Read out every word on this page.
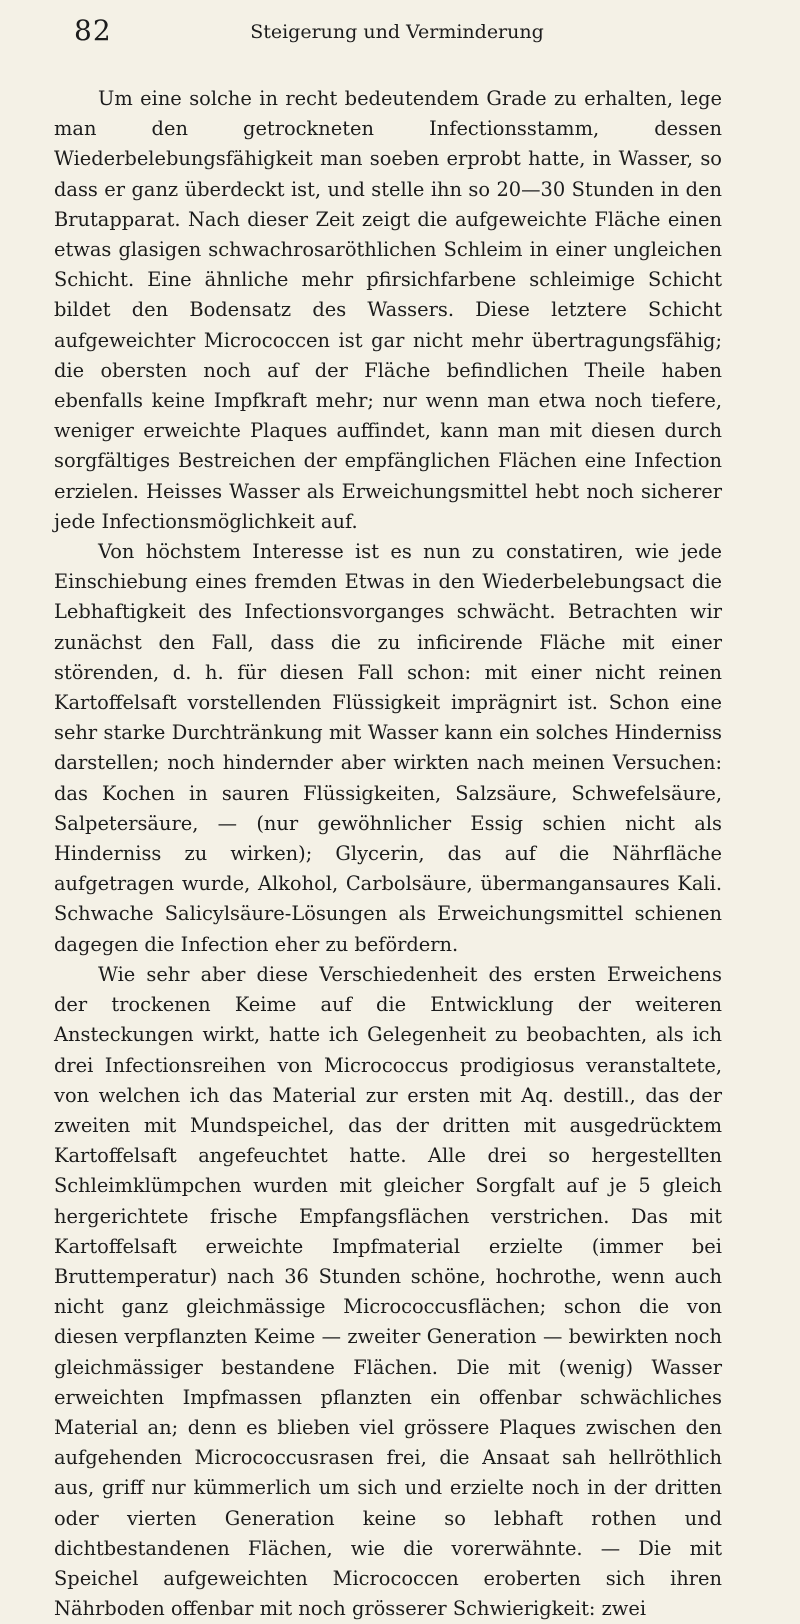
82	Steigerung und Verminderung

Um eine solche in recht bedeutendem Grade zu erhalten, lege man den getrockneten Infectionsstamm, dessen Wiederbelebungsfähigkeit man soeben erprobt hatte, in Wasser, so dass er ganz überdeckt ist, und stelle ihn so 20—30 Stunden in den Brutapparat. Nach dieser Zeit zeigt die aufgeweichte Fläche einen etwas glasigen schwachrosaröthlichen Schleim in einer ungleichen Schicht. Eine ähnliche mehr pfirsichfarbene schleimige Schicht bildet den Bodensatz des Wassers. Diese letztere Schicht aufgeweichter Micrococcen ist gar nicht mehr übertragungsfähig; die obersten noch auf der Fläche befindlichen Theile haben ebenfalls keine Impfkraft mehr; nur wenn man etwa noch tiefere, weniger erweichte Plaques auffindet, kann man mit diesen durch sorgfältiges Bestreichen der empfänglichen Flächen eine Infection erzielen. Heisses Wasser als Erweichungsmittel hebt noch sicherer jede Infectionsmöglichkeit auf.

Von höchstem Interesse ist es nun zu constatiren, wie jede Einschiebung eines fremden Etwas in den Wiederbelebungsact die Lebhaftigkeit des Infectionsvorganges schwächt. Betrachten wir zunächst den Fall, dass die zu inficirende Fläche mit einer störenden, d. h. für diesen Fall schon: mit einer nicht reinen Kartoffelsaft vorstellenden Flüssigkeit imprägnirt ist. Schon eine sehr starke Durchtränkung mit Wasser kann ein solches Hinderniss darstellen; noch hindernder aber wirkten nach meinen Versuchen: das Kochen in sauren Flüssigkeiten, Salzsäure, Schwefelsäure, Salpetersäure, — (nur gewöhnlicher Essig schien nicht als Hinderniss zu wirken); Glycerin, das auf die Nährfläche aufgetragen wurde, Alkohol, Carbolsäure, übermangansaures Kali. Schwache Salicylsäure-Lösungen als Erweichungsmittel schienen dagegen die Infection eher zu befördern.

Wie sehr aber diese Verschiedenheit des ersten Erweichens der trockenen Keime auf die Entwicklung der weiteren Ansteckungen wirkt, hatte ich Gelegenheit zu beobachten, als ich drei Infectionsreihen von Micrococcus prodigiosus veranstaltete, von welchen ich das Material zur ersten mit Aq. destill., das der zweiten mit Mundspeichel, das der dritten mit ausgedrücktem Kartoffelsaft angefeuchtet hatte. Alle drei so hergestellten Schleimklümpchen wurden mit gleicher Sorgfalt auf je 5 gleich hergerichtete frische Empfangsflächen verstrichen. Das mit Kartoffelsaft erweichte Impfmaterial erzielte (immer bei Bruttemperatur) nach 36 Stunden schöne, hochrothe, wenn auch nicht ganz gleichmässige Micrococcusflächen; schon die von diesen verpflanzten Keime — zweiter Generation — bewirkten noch gleichmässiger bestandene Flächen. Die mit (wenig) Wasser erweichten Impfmassen pflanzten ein offenbar schwächliches Material an; denn es blieben viel grössere Plaques zwischen den aufgehenden Micrococcusrasen frei, die Ansaat sah hellröthlich aus, griff nur kümmerlich um sich und erzielte noch in der dritten oder vierten Generation keine so lebhaft rothen und dichtbestandenen Flächen, wie die vorerwähnte. — Die mit Speichel aufgeweichten Micrococcen eroberten sich ihren Nährboden offenbar mit noch grösserer Schwierigkeit: zwei
